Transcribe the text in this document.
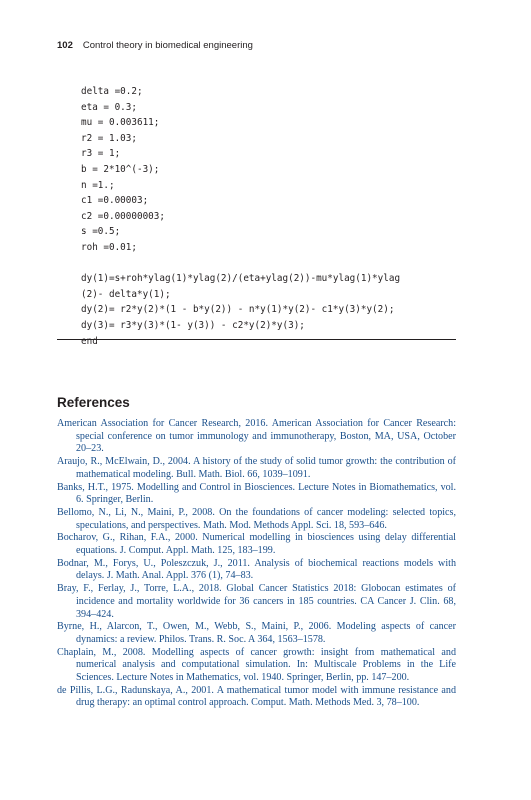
102 Control theory in biomedical engineering
delta =0.2;
eta = 0.3;
mu = 0.003611;
r2 = 1.03;
r3 = 1;
b = 2*10^(-3);
n =1.;
c1 =0.00003;
c2 =0.00000003;
s =0.5;
roh =0.01;
dy(1)=s+roh*ylag(1)*ylag(2)/(eta+ylag(2))-mu*ylag(1)*ylag
(2)- delta*y(1);
dy(2)= r2*y(2)*(1 - b*y(2)) - n*y(1)*y(2)- c1*y(3)*y(2);
dy(3)= r3*y(3)*(1- y(3)) - c2*y(2)*y(3);
end
References

American Association for Cancer Research, 2016. American Association for Cancer Research: special conference on tumor immunology and immunotherapy, Boston, MA, USA, October 20–23.

Araujo, R., McElwain, D., 2004. A history of the study of solid tumor growth: the contribution of mathematical modeling. Bull. Math. Biol. 66, 1039–1091.

Banks, H.T., 1975. Modelling and Control in Biosciences. Lecture Notes in Biomathematics, vol. 6. Springer, Berlin.

Bellomo, N., Li, N., Maini, P., 2008. On the foundations of cancer modeling: selected topics, speculations, and perspectives. Math. Mod. Methods Appl. Sci. 18, 593–646.

Bocharov, G., Rihan, F.A., 2000. Numerical modelling in biosciences using delay differential equations. J. Comput. Appl. Math. 125, 183–199.

Bodnar, M., Forys, U., Poleszczuk, J., 2011. Analysis of biochemical reactions models with delays. J. Math. Anal. Appl. 376 (1), 74–83.

Bray, F., Ferlay, J., Torre, L.A., 2018. Global Cancer Statistics 2018: Globocan estimates of incidence and mortality worldwide for 36 cancers in 185 countries. CA Cancer J. Clin. 68, 394–424.

Byrne, H., Alarcon, T., Owen, M., Webb, S., Maini, P., 2006. Modeling aspects of cancer dynamics: a review. Philos. Trans. R. Soc. A 364, 1563–1578.

Chaplain, M., 2008. Modelling aspects of cancer growth: insight from mathematical and numerical analysis and computational simulation. In: Multiscale Problems in the Life Sciences. Lecture Notes in Mathematics, vol. 1940. Springer, Berlin, pp. 147–200.

de Pillis, L.G., Radunskaya, A., 2001. A mathematical tumor model with immune resistance and drug therapy: an optimal control approach. Comput. Math. Methods Med. 3, 78–100.
